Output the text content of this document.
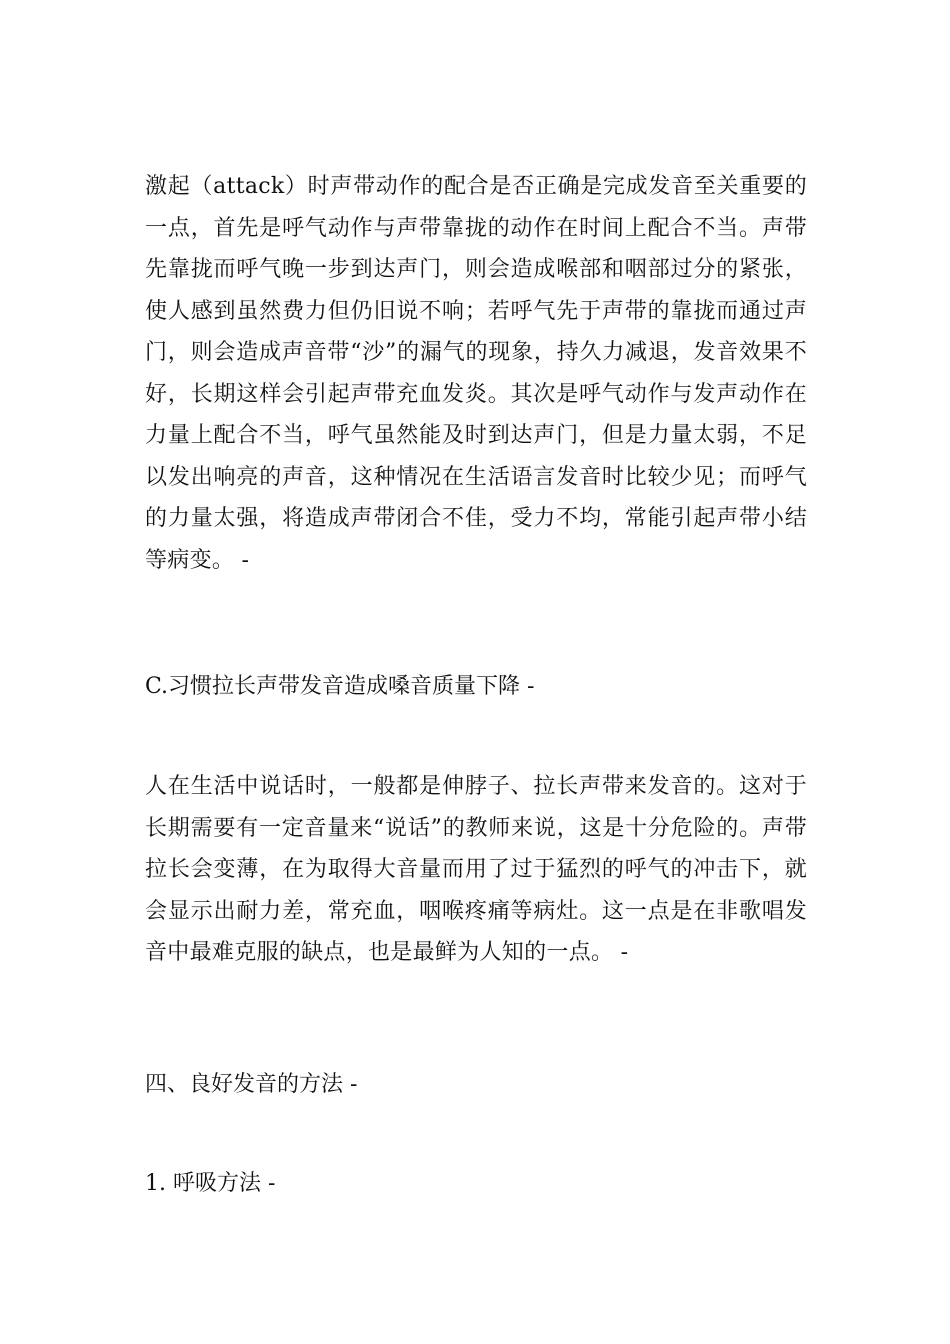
激起（attack）时声带动作的配合是否正确是完成发音至关重要的一点，首先是呼气动作与声带靠拢的动作在时间上配合不当。声带先靠拢而呼气晚一步到达声门，则会造成喉部和咽部过分的紧张，使人感到虽然费力但仍旧说不响；若呼气先于声带的靠拢而通过声门，则会造成声音带“沙”的漏气的现象，持久力减退，发音效果不好，长期这样会引起声带充血发炎。其次是呼气动作与发声动作在力量上配合不当，呼气虽然能及时到达声门，但是力量太弱，不足以发出响亮的声音，这种情况在生活语言发音时比较少见；而呼气的力量太强，将造成声带闭合不佳，受力不均，常能引起声带小结等病变。 -

C.习惯拉长声带发音造成嗓音质量下降 -

人在生活中说话时，一般都是伸脖子、拉长声带来发音的。这对于长期需要有一定音量来“说话”的教师来说，这是十分危险的。声带拉长会变薄，在为取得大音量而用了过于猛烈的呼气的冲击下，就会显示出耐力差，常充血，咽喉疼痛等病灶。这一点是在非歌唱发音中最难克服的缺点，也是最鲜为人知的一点。 -

四、良好发音的方法 -

1. 呼吸方法 -
